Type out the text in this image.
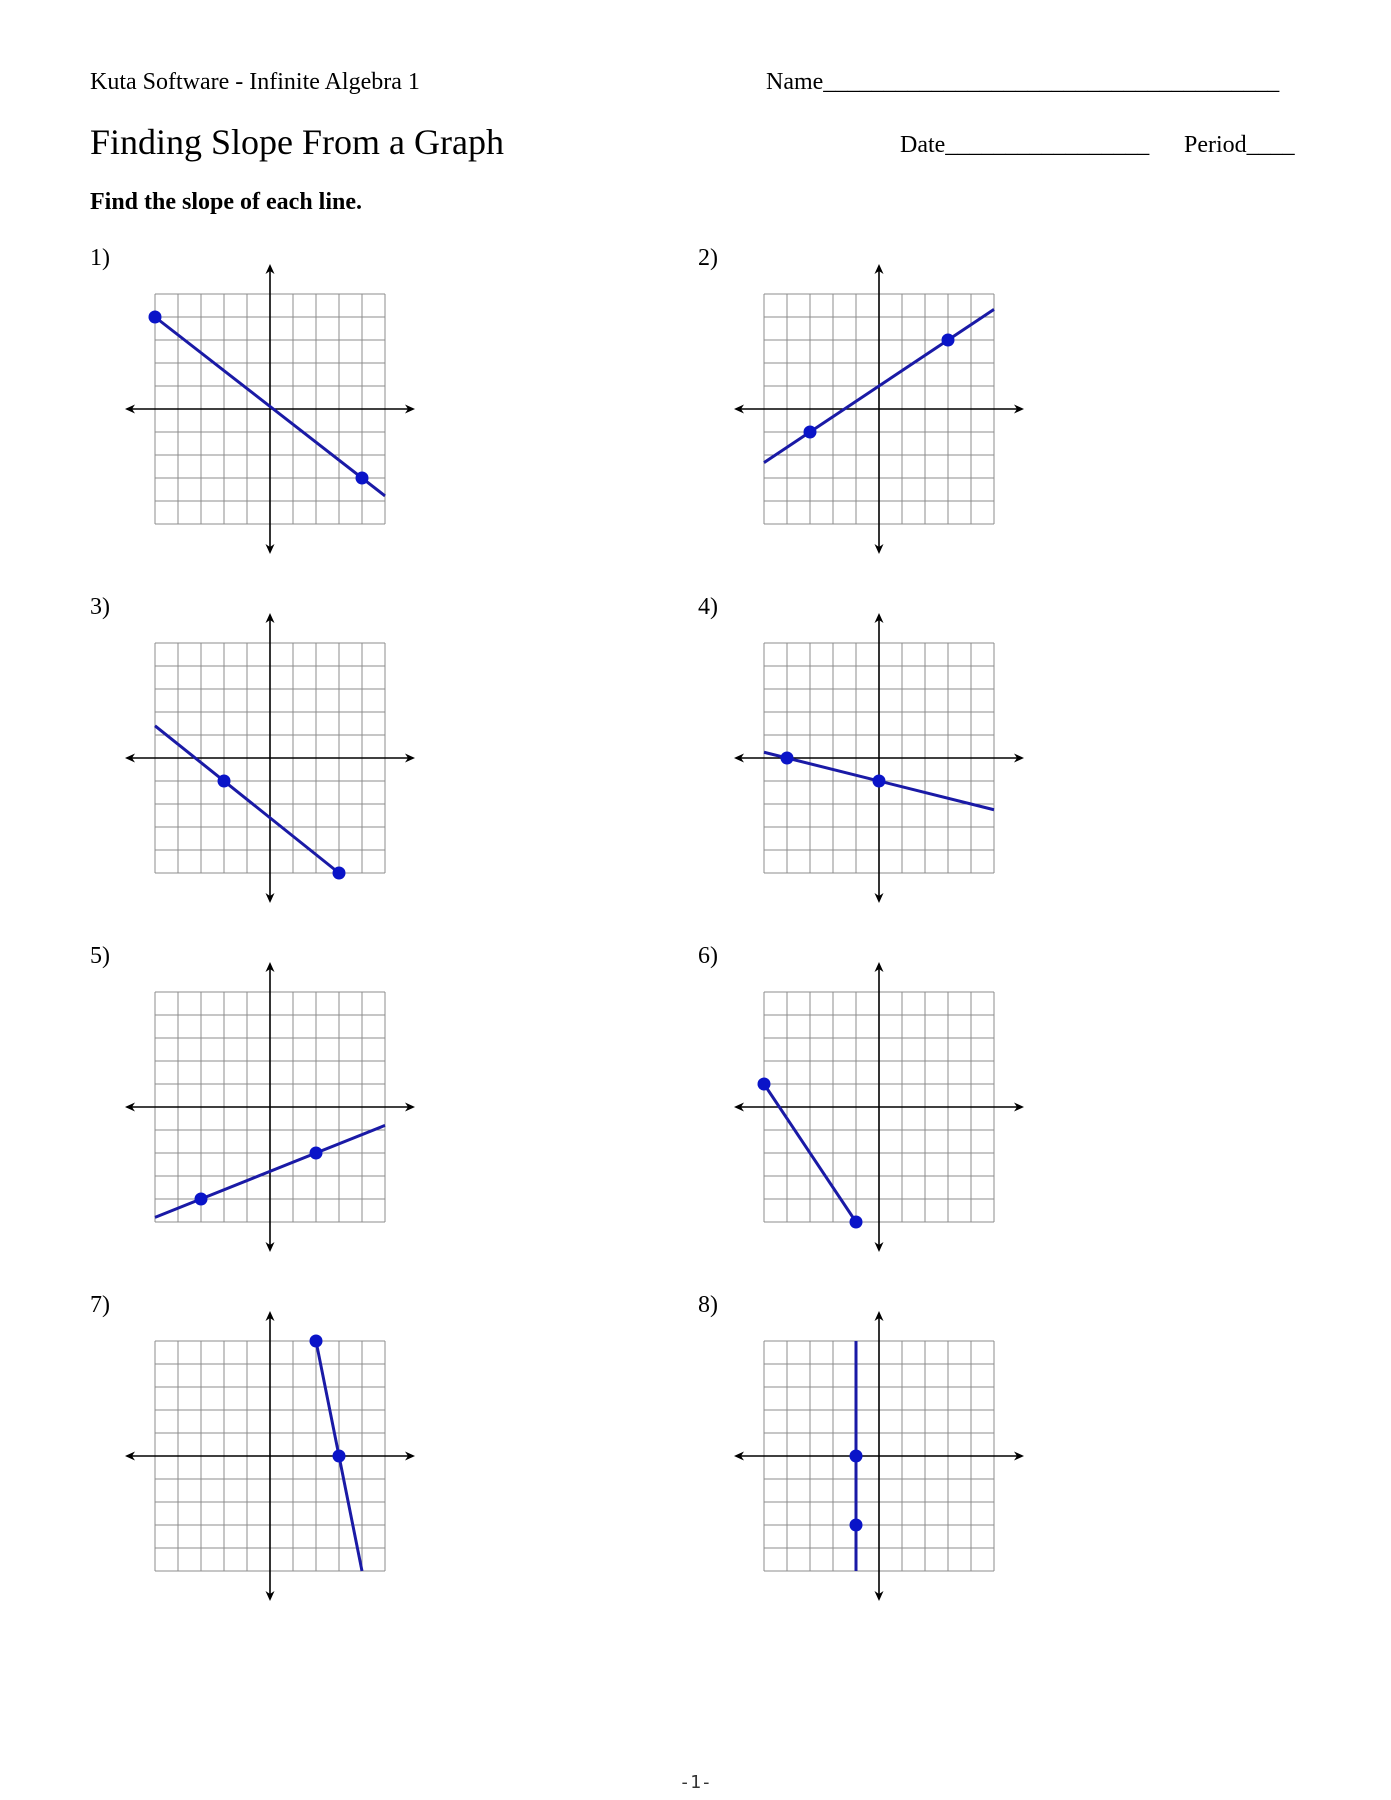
Kuta Software - Infinite Algebra 1
Finding Slope From a Graph
Name______________________________________
Date_________________ Period____
Find the slope of each line.
1)	2)
3)	4)
5)	6)
7)	8)
-1-
